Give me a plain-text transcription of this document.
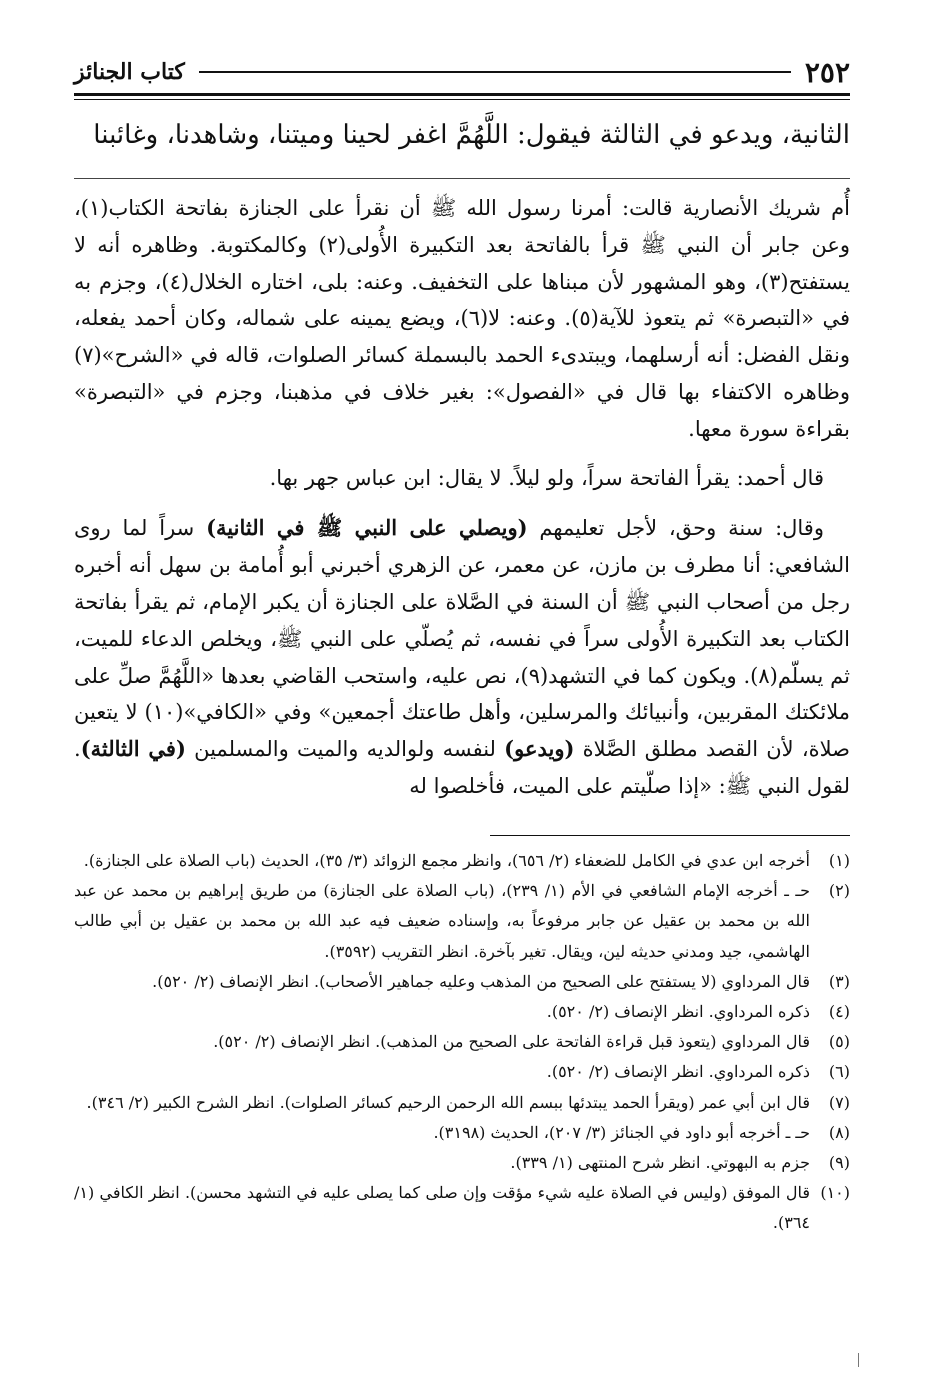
٢٥٢
كتاب الجنائز
الثانية، ويدعو في الثالثة فيقول: اللَّهُمَّ اغفر لحينا وميتنا، وشاهدنا، وغائبنا

أُم شريك الأنصارية قالت: أمرنا رسول الله ﷺ أن نقرأ على الجنازة بفاتحة الكتاب(١)، وعن جابر أن النبي ﷺ قرأ بالفاتحة بعد التكبيرة الأُولى(٢) وكالمكتوبة. وظاهره أنه لا يستفتح(٣)، وهو المشهور لأن مبناها على التخفيف. وعنه: بلى، اختاره الخلال(٤)، وجزم به في «التبصرة» ثم يتعوذ للآية(٥). وعنه: لا(٦)، ويضع يمينه على شماله، وكان أحمد يفعله، ونقل الفضل: أنه أرسلهما، ويبتدىء الحمد بالبسملة كسائر الصلوات، قاله في «الشرح»(٧) وظاهره الاكتفاء بها قال في «الفصول»: بغير خلاف في مذهبنا، وجزم في «التبصرة» بقراءة سورة معها.

قال أحمد: يقرأ الفاتحة سراً، ولو ليلاً. لا يقال: ابن عباس جهر بها.

وقال: سنة وحق، لأجل تعليمهم (ويصلي على النبي ﷺ في الثانية) سراً لما روى الشافعي: أنا مطرف بن مازن، عن معمر، عن الزهري أخبرني أبو أُمامة بن سهل أنه أخبره رجل من أصحاب النبي ﷺ أن السنة في الصَّلاة على الجنازة أن يكبر الإمام، ثم يقرأ بفاتحة الكتاب بعد التكبيرة الأُولى سراً في نفسه، ثم يُصلّي على النبي ﷺ، ويخلص الدعاء للميت، ثم يسلّم(٨). ويكون كما في التشهد(٩)، نص عليه، واستحب القاضي بعدها «اللَّهُمَّ صلِّ على ملائكتك المقربين، وأنبيائك والمرسلين، وأهل طاعتك أجمعين» وفي «الكافي»(١٠) لا يتعين صلاة، لأن القصد مطلق الصَّلاة (ويدعو) لنفسه ولوالديه والميت والمسلمين (في الثالثة). لقول النبي ﷺ: «إذا صلّيتم على الميت، فأخلصوا له

(١)
أخرجه ابن عدي في الكامل للضعفاء (٢/ ٦٥٦)، وانظر مجمع الزوائد (٣/ ٣٥)، الحديث (باب الصلاة على الجنازة).
(٢)
حـ ـ أخرجه الإمام الشافعي في الأم (١/ ٢٣٩)، (باب الصلاة على الجنازة) من طريق إبراهيم بن محمد عن عبد الله بن محمد بن عقيل عن جابر مرفوعاً به، وإسناده ضعيف فيه عبد الله بن محمد بن عقيل بن أبي طالب الهاشمي، جيد ومدني حديثه لين، ويقال. تغير بآخرة. انظر التقريب (٣٥٩٢).
(٣)
قال المرداوي (لا يستفتح على الصحيح من المذهب وعليه جماهير الأصحاب). انظر الإنصاف (٢/ ٥٢٠).
(٤)
ذكره المرداوي. انظر الإنصاف (٢/ ٥٢٠).
(٥)
قال المرداوي (يتعوذ قبل قراءة الفاتحة على الصحيح من المذهب). انظر الإنصاف (٢/ ٥٢٠).
(٦)
ذكره المرداوي. انظر الإنصاف (٢/ ٥٢٠).
(٧)
قال ابن أبي عمر (ويقرأ الحمد يبتدئها ببسم الله الرحمن الرحيم كسائر الصلوات). انظر الشرح الكبير (٢/ ٣٤٦).
(٨)
حـ ـ أخرجه أبو داود في الجنائز (٣/ ٢٠٧)، الحديث (٣١٩٨).
(٩)
جزم به البهوتي. انظر شرح المنتهى (١/ ٣٣٩).
(١٠)
قال الموفق (وليس في الصلاة عليه شيء مؤقت وإن صلى كما يصلى عليه في التشهد محسن). انظر الكافي (١/ ٣٦٤).
